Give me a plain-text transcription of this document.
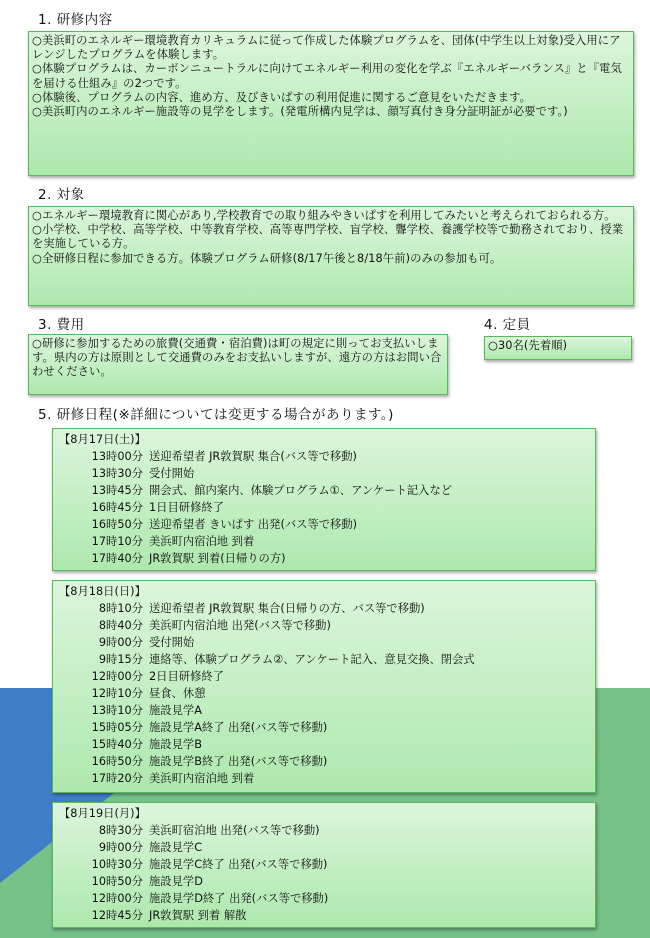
1. 研修内容

○美浜町のエネルギー環境教育カリキュラムに従って作成した体験プログラムを、団体(中学生以上対象)受入用にアレンジしたプログラムを体験します。

○体験プログラムは、カーボンニュートラルに向けてエネルギー利用の変化を学ぶ『エネルギーバランス』と『電気を届ける仕組み』の2つです。

○体験後、プログラムの内容、進め方、及びきいぱすの利用促進に関するご意見をいただきます。

○美浜町内のエネルギー施設等の見学をします。(発電所構内見学は、顔写真付き身分証明証が必要です。)

2. 対象

○エネルギー環境教育に関心があり,学校教育での取り組みやきいぱすを利用してみたいと考えられておられる方。

○小学校、中学校、高等学校、中等教育学校、高等専門学校、盲学校、聾学校、養護学校等で勤務されており、授業を実施している方。

○全研修日程に参加できる方。体験プログラム研修(8/17午後と8/18午前)のみの参加も可。

3. 費用

○研修に参加するための旅費(交通費・宿泊費)は町の規定に則ってお支払いします。県内の方は原則として交通費のみをお支払いしますが、遠方の方はお問い合わせください。

4. 定員

○30名(先着順)

5. 研修日程(※詳細については変更する場合があります。)
【8月17日(土)】
13時00分 送迎希望者 JR敦賀駅 集合(バス等で移動)
13時30分 受付開始
13時45分 開会式、館内案内、体験プログラム①、アンケート記入など
16時45分 1日目研修終了
16時50分 送迎希望者 きいぱす 出発(バス等で移動)
17時10分 美浜町内宿泊地 到着
17時40分 JR敦賀駅 到着(日帰りの方)
【8月18日(日)】
8時10分 送迎希望者 JR敦賀駅 集合(日帰りの方、バス等で移動)
8時40分 美浜町内宿泊地 出発(バス等で移動)
9時00分 受付開始
9時15分 連絡等、体験プログラム②、アンケート記入、意見交換、閉会式
12時00分 2日目研修終了
12時10分 昼食、休憩
13時10分 施設見学A
15時05分 施設見学A終了 出発(バス等で移動)
15時40分 施設見学B
16時50分 施設見学B終了 出発(バス等で移動)
17時20分 美浜町内宿泊地 到着
【8月19日(月)】
8時30分 美浜町宿泊地 出発(バス等で移動)
9時00分 施設見学C
10時30分 施設見学C終了 出発(バス等で移動)
10時50分 施設見学D
12時00分 施設見学D終了 出発(バス等で移動)
12時45分 JR敦賀駅 到着 解散
